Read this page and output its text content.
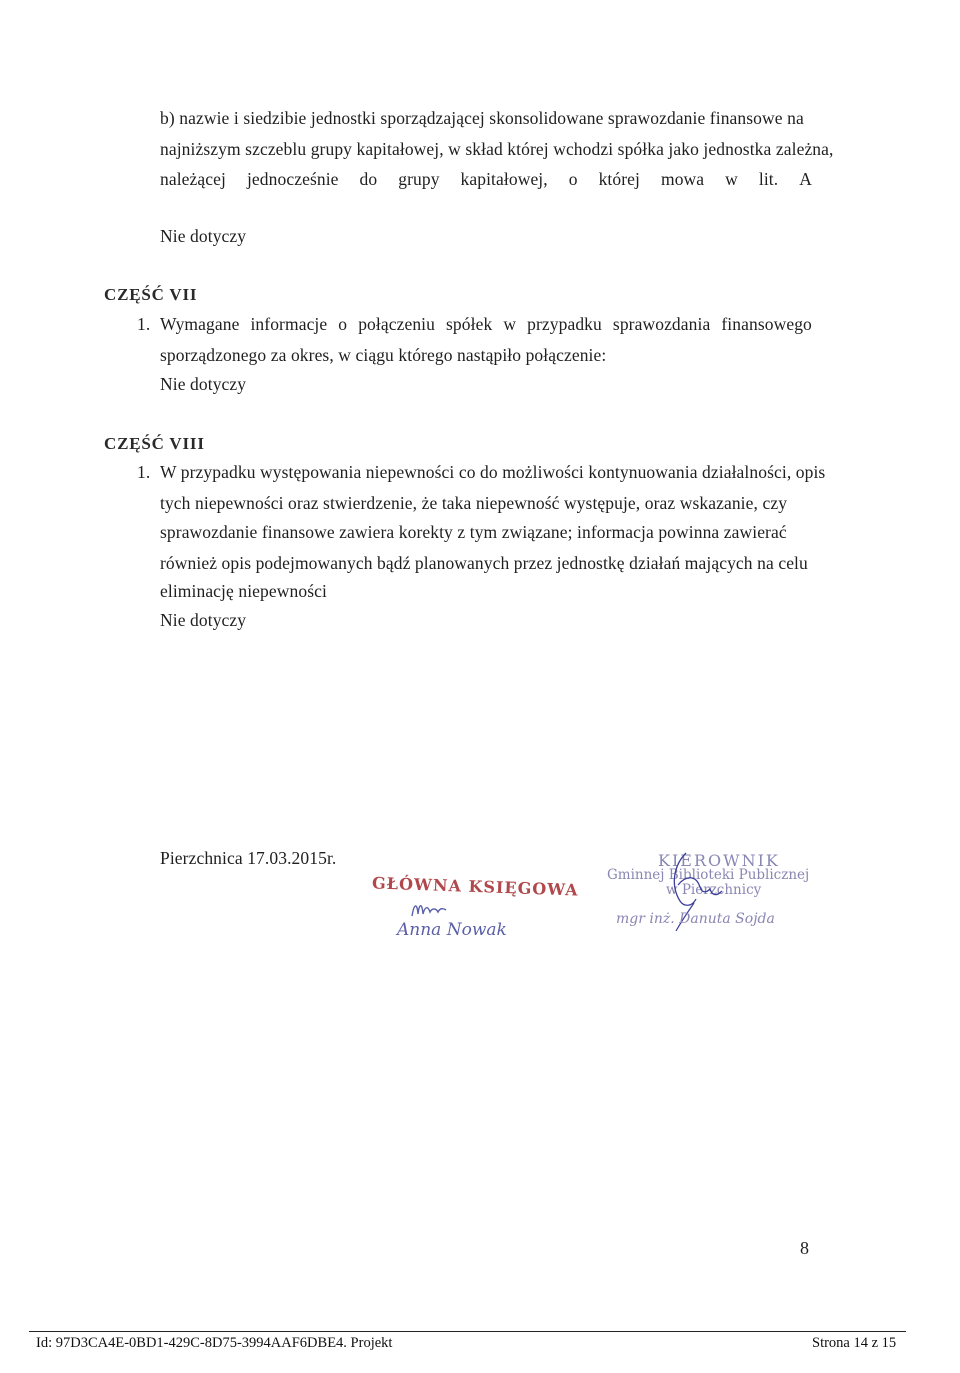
b) nazwie i siedzibie jednostki sporządzającej skonsolidowane sprawozdanie finansowe na
najniższym szczeblu grupy kapitałowej, w skład której wchodzi spółka jako jednostka zależna,
należącej jednocześnie do grupy kapitałowej, o której mowa w lit. A
Nie dotyczy
CZĘŚĆ VII
1. Wymagane informacje o połączeniu spółek w przypadku sprawozdania finansowego
sporządzonego za okres, w ciągu którego nastąpiło połączenie:
Nie dotyczy
CZĘŚĆ VIII
1. W przypadku występowania niepewności co do możliwości kontynuowania działalności, opis
tych niepewności oraz stwierdzenie, że taka niepewność występuje, oraz wskazanie, czy
sprawozdanie finansowe zawiera korekty z tym związane; informacja powinna zawierać
również opis podejmowanych bądź planowanych przez jednostkę działań mających na celu
eliminację niepewności
Nie dotyczy
Pierzchnica 17.03.2015r.
GŁÓWNA KSIĘGOWA
Anna Nowak
KIEROWNIK
Gminnej Biblioteki Publicznej
w Pierzchnicy
mgr inż. Danuta Sojda
8
Id: 97D3CA4E-0BD1-429C-8D75-3994AAF6DBE4. Projekt	Strona 14 z 15
